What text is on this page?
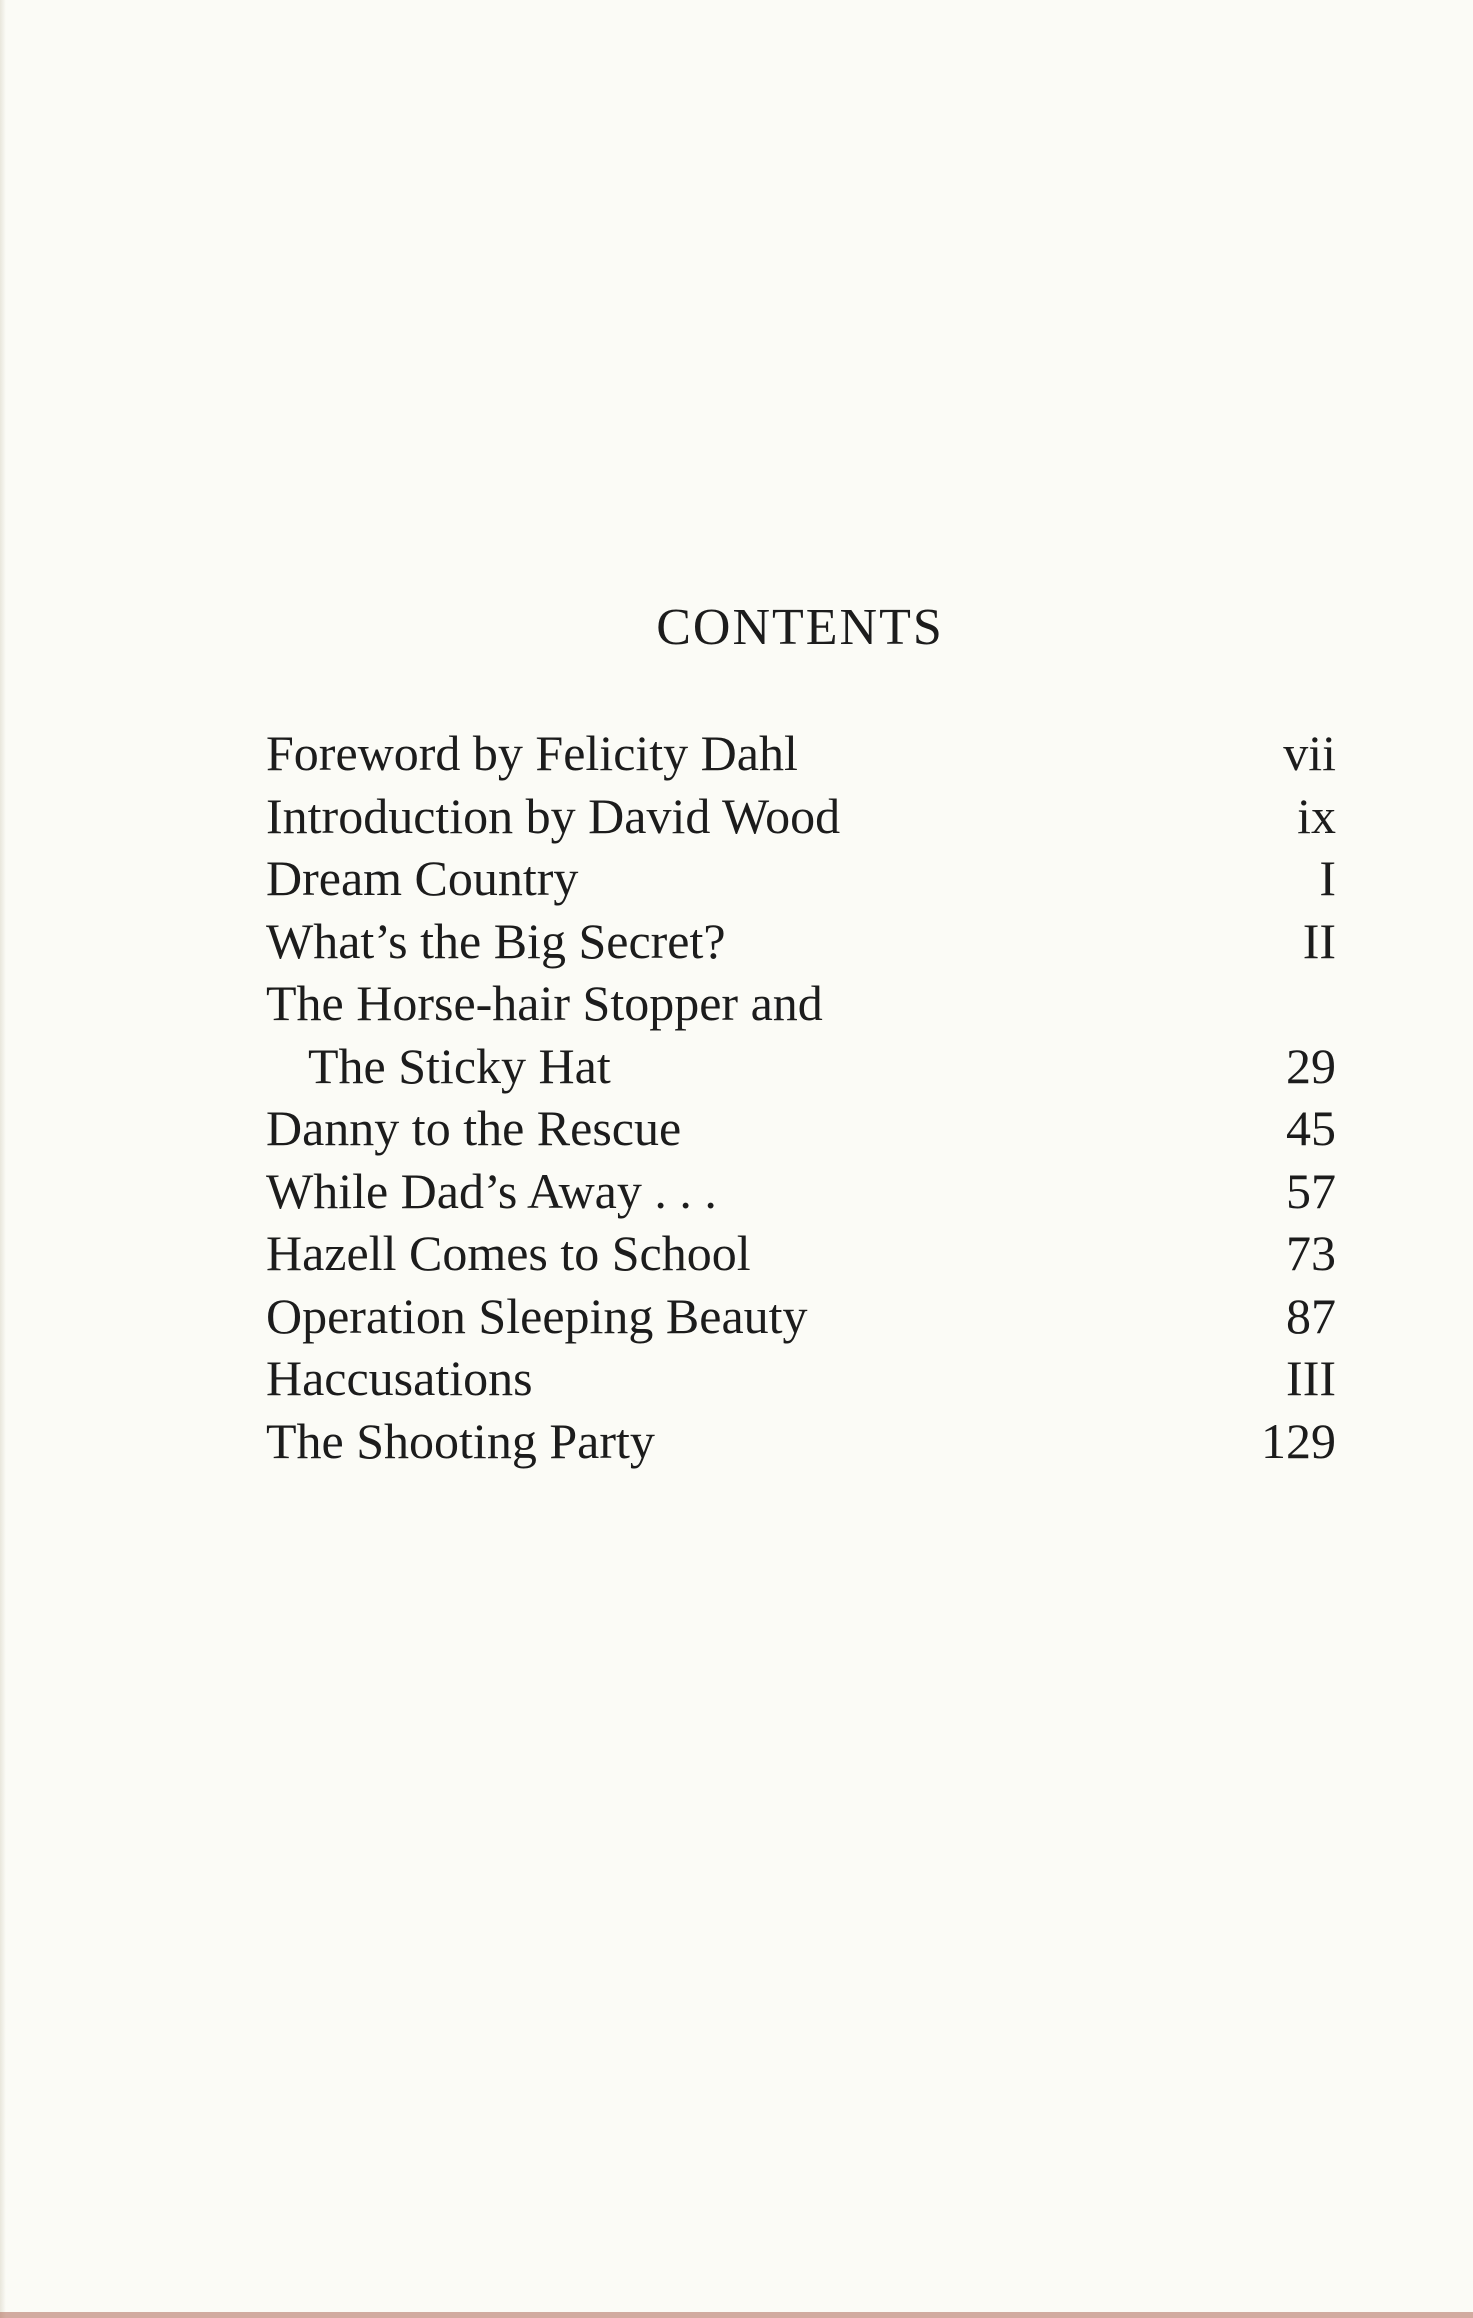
CONTENTS
Foreword by Felicity Dahl	vii
Introduction by David Wood	ix
Dream Country	I
What’s the Big Secret?	II
The Horse-hair Stopper and
The Sticky Hat	29
Danny to the Rescue	45
While Dad’s Away . . .	57
Hazell Comes to School	73
Operation Sleeping Beauty	87
Haccusations	III
The Shooting Party	129
